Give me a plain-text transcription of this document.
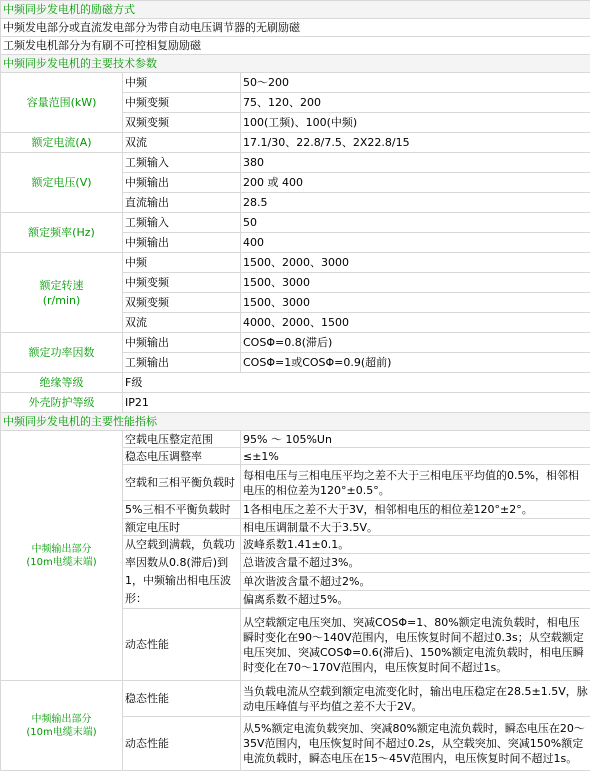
中频同步发电机的励磁方式		
中频发电部分或直流发电部分为带自动电压调节器的无刷励磁		
工频发电机部分为有刷不可控相复励励磁		
中频同步发电机的主要技术参数		
容量范围(kW)	中频	50～200
	中频变频	75、120、200
	双频变频	100(工频)、100(中频)
额定电流(A)	双流	17.1/30、22.8/7.5、2X22.8/15
额定电压(V)	工频输入	380
	中频输出	200 或 400
	直流输出	28.5
额定频率(Hz)	工频输入	50
	中频输出	400
额定转速
(r/min)	中频	1500、2000、3000
	中频变频	1500、3000
	双频变频	1500、3000
	双流	4000、2000、1500
额定功率因数	中频输出	COSΦ=0.8(滞后)
	工频输出	COSΦ=1或COSΦ=0.9(超前)
绝缘等级	F级	
外壳防护等级	IP21	
中频同步发电机的主要性能指标		
中频输出部分
(10m电缆末端)	空载电压整定范围	95% ～ 105%Un
	稳态电压调整率	≤±1%
	空载和三相平衡负载时	每相电压与三相电压平均之差不大于三相电压平均值的0.5%，相邻相电压的相位差为120°±0.5°。
	5%三相不平衡负载时	1各相电压之差不大于3V，相邻相电压的相位差120°±2°。
	额定电压时	相电压调制量不大于3.5V。
	从空载到满载，负载功率因数从0.8(滞后)到1，中频输出相电压波形：	波峰系数1.41±0.1。
		总谐波含量不超过3%。
		单次谐波含量不超过2%。
		偏离系数不超过5%。
	动态性能	从空载额定电压突加、突减COSΦ=1、80%额定电流负载时，相电压瞬时变化在90～140V范围内，电压恢复时间不超过0.3s；从空载额定电压突加、突减COSΦ=0.6(滞后)、150%额定电流负载时，相电压瞬时变化在70～170V范围内，电压恢复时间不超过1s。
中频输出部分
(10m电缆末端)	稳态性能	当负载电流从空载到额定电流变化时，输出电压稳定在28.5±1.5V，脉动电压峰值与平均值之差不大于2V。
	动态性能	从5%额定电流负载突加、突减80%额定电流负载时，瞬态电压在20～35V范围内，电压恢复时间不超过0.2s，从空载突加、突减150%额定电流负载时，瞬态电压在15～45V范围内，电压恢复时间不超过1s。
